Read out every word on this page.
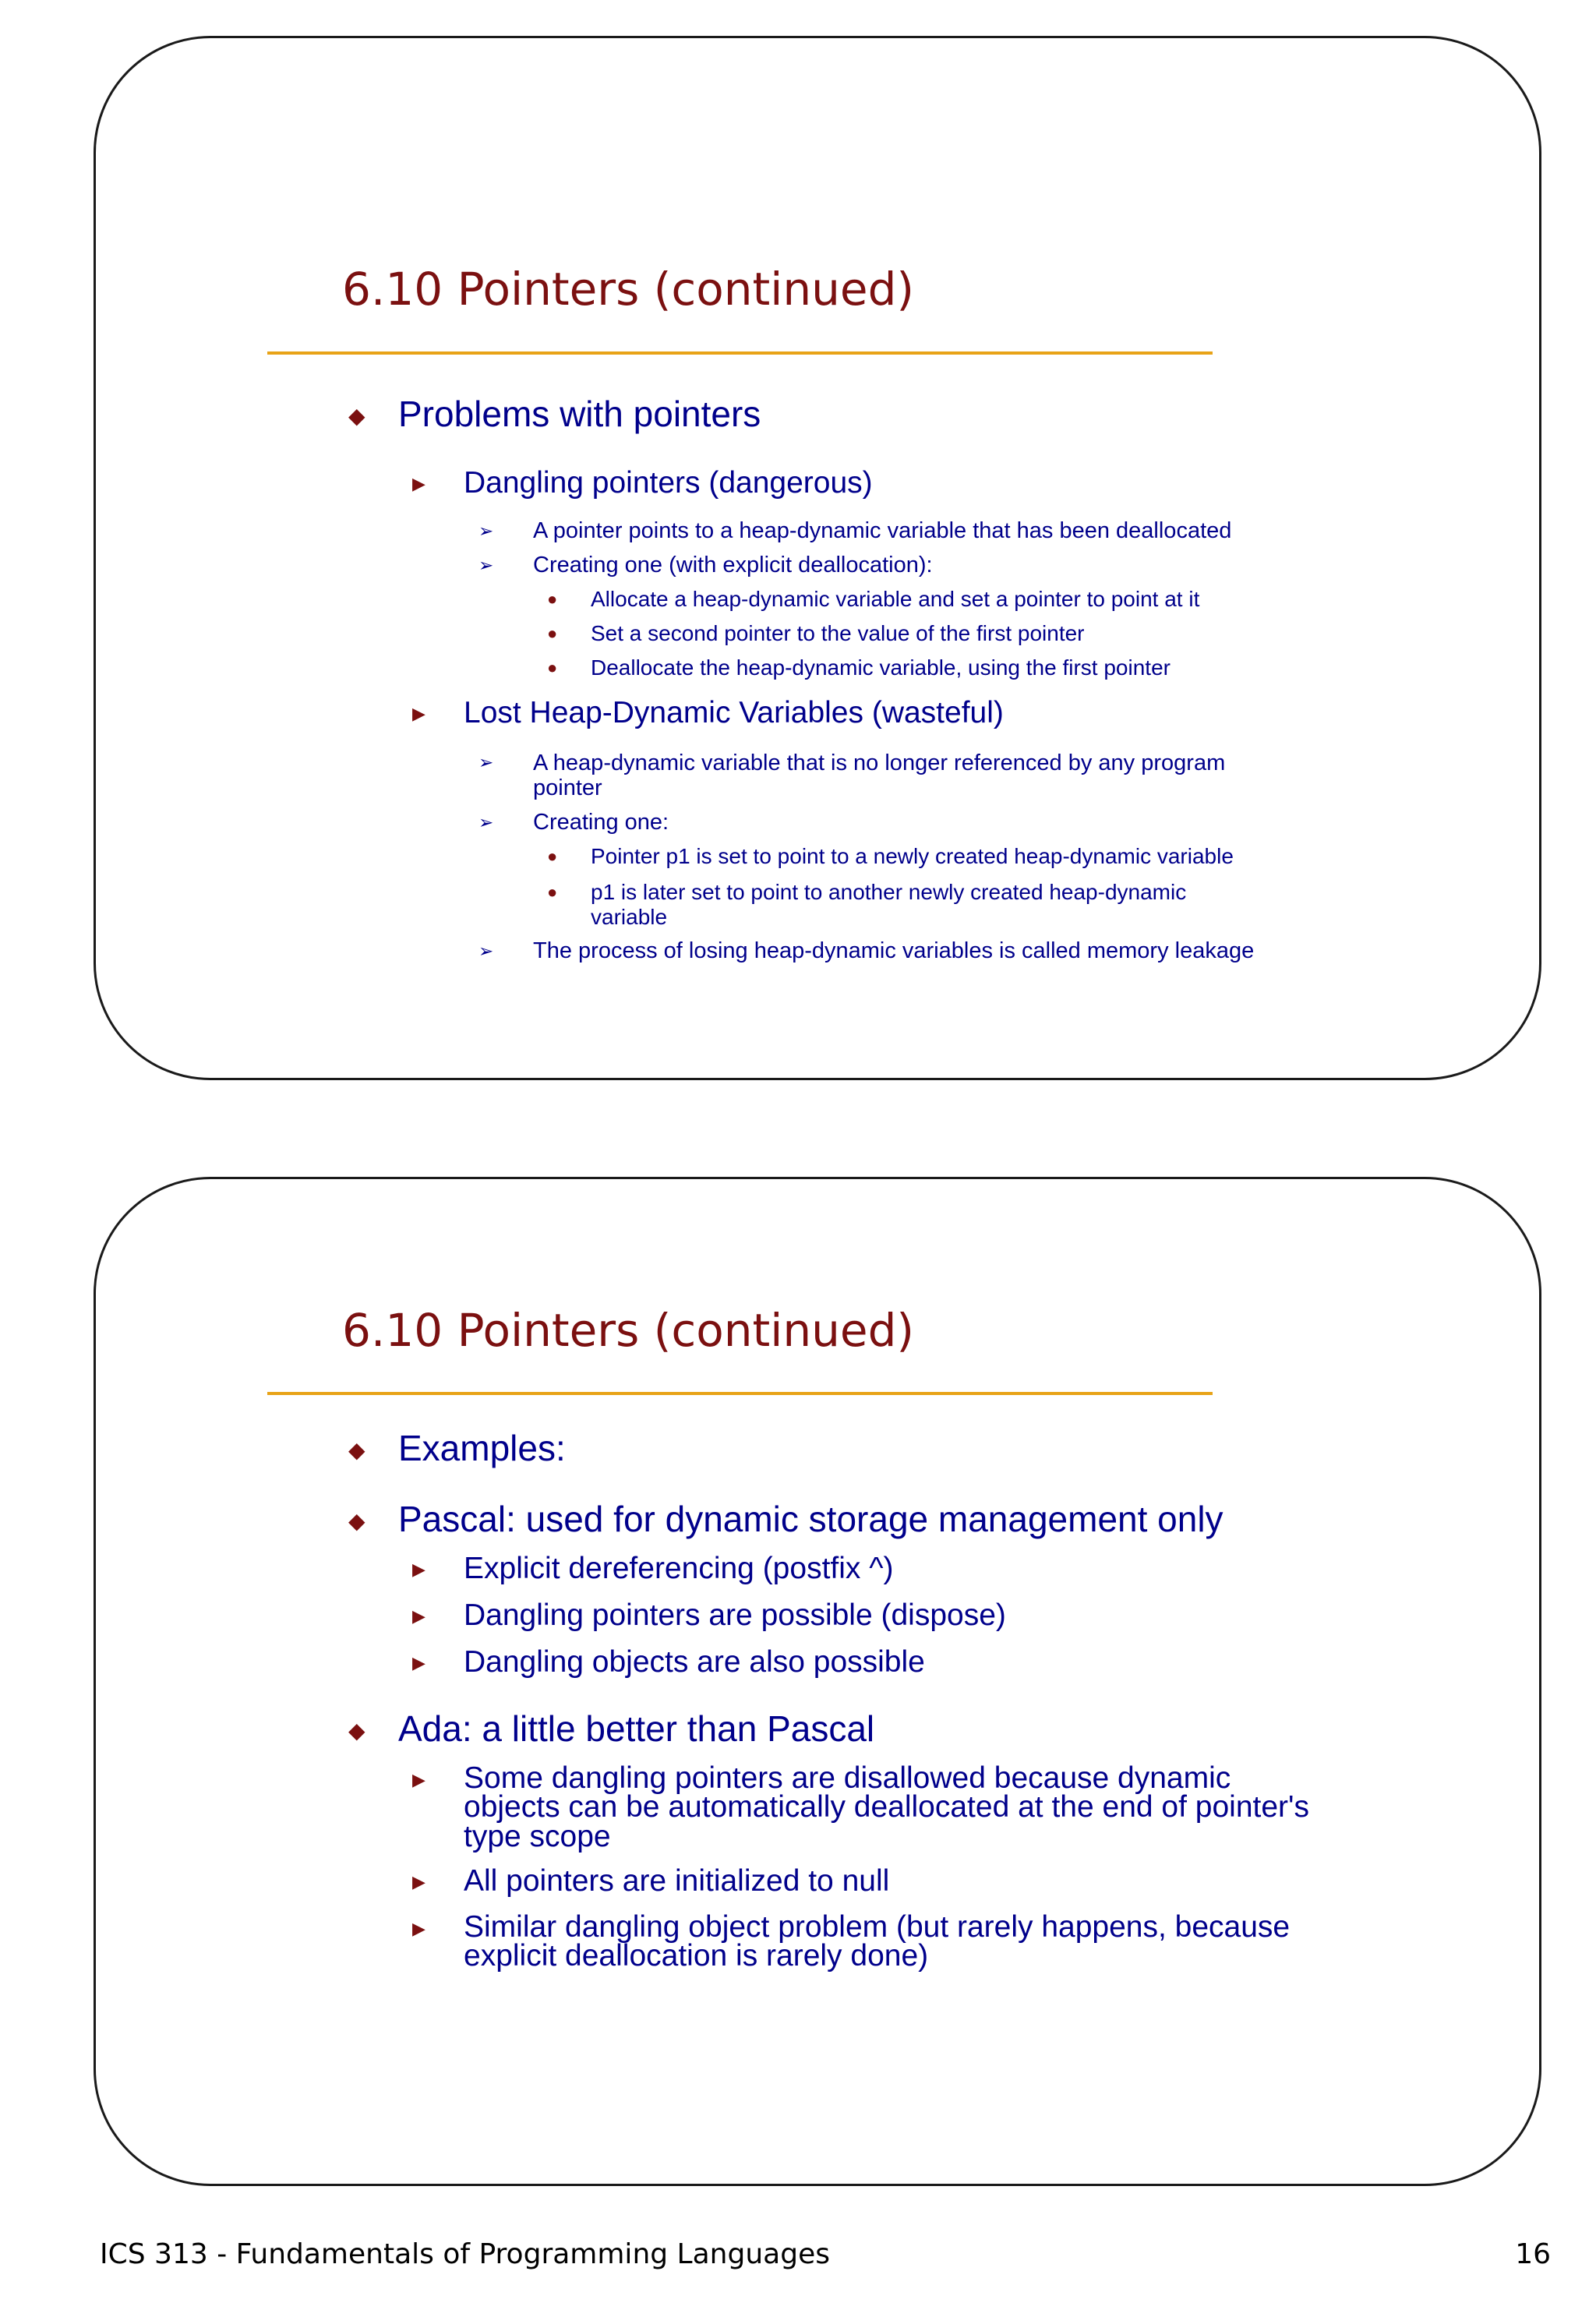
6.10 Pointers (continued)
◆ Problems with pointers
▶ Dangling pointers (dangerous)
➢ A pointer points to a heap-dynamic variable that has been deallocated
➢ Creating one (with explicit deallocation):
● Allocate a heap-dynamic variable and set a pointer to point at it
● Set a second pointer to the value of the first pointer
● Deallocate the heap-dynamic variable, using the first pointer
▶ Lost Heap-Dynamic Variables (wasteful)
➢ A heap-dynamic variable that is no longer referenced by any program pointer
➢ Creating one:
● Pointer p1 is set to point to a newly created heap-dynamic variable
● p1 is later set to point to another newly created heap-dynamic variable
➢ The process of losing heap-dynamic variables is called memory leakage
6.10 Pointers (continued)
◆ Examples:
◆ Pascal: used for dynamic storage management only
▶ Explicit dereferencing (postfix ^)
▶ Dangling pointers are possible (dispose)
▶ Dangling objects are also possible
◆ Ada: a little better than Pascal
▶ Some dangling pointers are disallowed because dynamic objects can be automatically deallocated at the end of pointer's type scope
▶ All pointers are initialized to null
▶ Similar dangling object problem (but rarely happens, because explicit deallocation is rarely done)
ICS 313 - Fundamentals of Programming Languages	16
